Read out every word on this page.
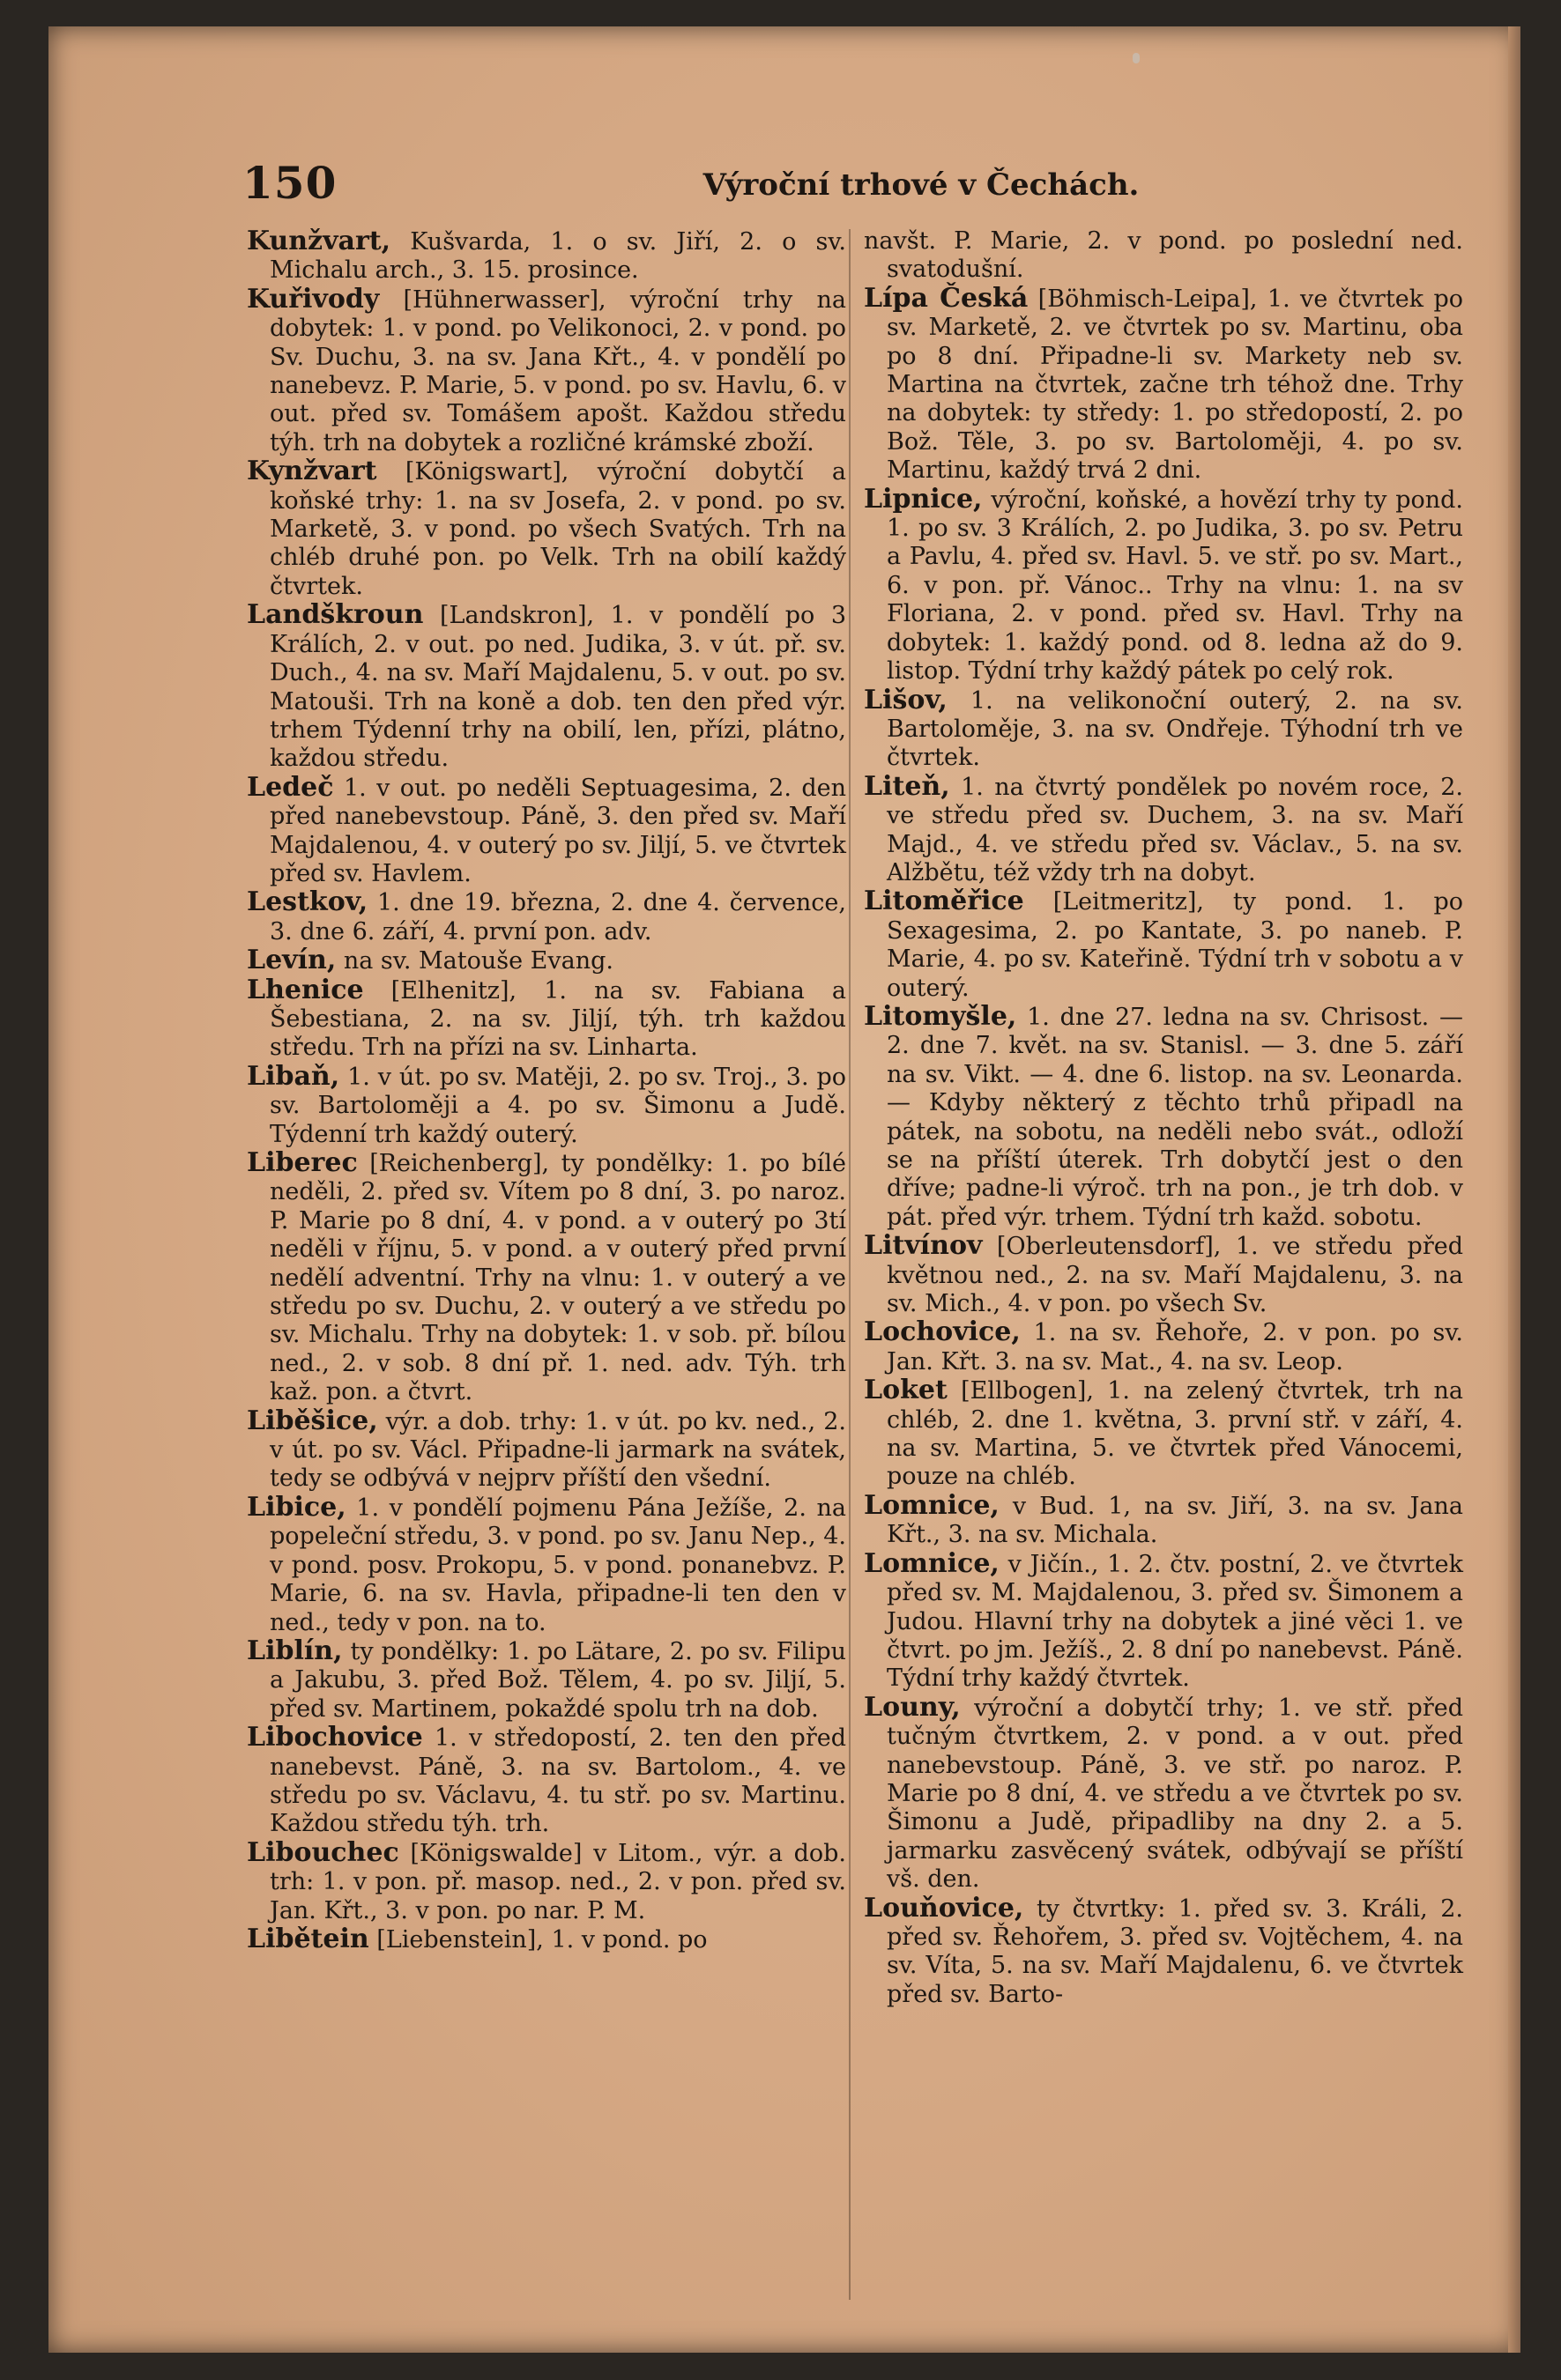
150	Výroční trhové v Čechách.
Kunžvart, Kušvarda, 1. o sv. Jiří, 2. o sv. Michalu arch., 3. 15. prosince.
Kuřivody [Hühnerwasser], výroční trhy na dobytek: 1. v pond. po Velikonoci, 2. v pond. po Sv. Duchu, 3. na sv. Jana Křt., 4. v pondělí po nanebevz. P. Marie, 5. v pond. po sv. Havlu, 6. v out. před sv. Tomášem apošt. Každou středu týh. trh na dobytek a rozličné krámské zboží.
Kynžvart [Königswart], výroční dobytčí a koňské trhy: 1. na sv Josefa, 2. v pond. po sv. Marketě, 3. v pond. po všech Svatých. Trh na chléb druhé pon. po Velk. Trh na obilí každý čtvrtek.
Landškroun [Landskron], 1. v pondělí po 3 Králích, 2. v out. po ned. Judika, 3. v út. př. sv. Duch., 4. na sv. Maří Majdalenu, 5. v out. po sv. Matouši. Trh na koně a dob. ten den před výr. trhem Týdenní trhy na obilí, len, přízi, plátno, každou středu.
Ledeč 1. v out. po neděli Septuagesima, 2. den před nanebevstoup. Páně, 3. den před sv. Maří Majdalenou, 4. v outerý po sv. Jiljí, 5. ve čtvrtek před sv. Havlem.
Lestkov, 1. dne 19. března, 2. dne 4. července, 3. dne 6. září, 4. první pon. adv.
Levín, na sv. Matouše Evang.
Lhenice [Elhenitz], 1. na sv. Fabiana a Šebestiana, 2. na sv. Jiljí, týh. trh každou středu. Trh na přízi na sv. Linharta.
Libaň, 1. v út. po sv. Matěji, 2. po sv. Troj., 3. po sv. Bartoloměji a 4. po sv. Šimonu a Judě. Týdenní trh každý outerý.
Liberec [Reichenberg], ty pondělky: 1. po bílé neděli, 2. před sv. Vítem po 8 dní, 3. po naroz. P. Marie po 8 dní, 4. v pond. a v outerý po 3tí neděli v říjnu, 5. v pond. a v outerý před první nedělí adventní. Trhy na vlnu: 1. v outerý a ve středu po sv. Duchu, 2. v outerý a ve středu po sv. Michalu. Trhy na dobytek: 1. v sob. př. bílou ned., 2. v sob. 8 dní př. 1. ned. adv. Týh. trh kaž. pon. a čtvrt.
Liběšice, výr. a dob. trhy: 1. v út. po kv. ned., 2. v út. po sv. Václ. Připadne-li jarmark na svátek, tedy se odbývá v nejprv příští den všední.
Libice, 1. v pondělí pojmenu Pána Ježíše, 2. na popeleční středu, 3. v pond. po sv. Janu Nep., 4. v pond. posv. Prokopu, 5. v pond. ponanebvz. P. Marie, 6. na sv. Havla, připadne-li ten den v ned., tedy v pon. na to.
Liblín, ty pondělky: 1. po Lätare, 2. po sv. Filipu a Jakubu, 3. před Bož. Tělem, 4. po sv. Jiljí, 5. před sv. Martinem, pokaždé spolu trh na dob.
Libochovice 1. v středopostí, 2. ten den před nanebevst. Páně, 3. na sv. Bartolom., 4. ve středu po sv. Václavu, 4. tu stř. po sv. Martinu. Každou středu týh. trh.
Libouchec [Königswalde] v Litom., výr. a dob. trh: 1. v pon. př. masop. ned., 2. v pon. před sv. Jan. Křt., 3. v pon. po nar. P. M.
Libětein [Liebenstein], 1. v pond. po
navšt. P. Marie, 2. v pond. po poslední ned. svatodušní.
Lípa Česká [Böhmisch-Leipa], 1. ve čtvrtek po sv. Marketě, 2. ve čtvrtek po sv. Martinu, oba po 8 dní. Připadne-li sv. Markety neb sv. Martina na čtvrtek, začne trh téhož dne. Trhy na dobytek: ty středy: 1. po středopostí, 2. po Bož. Těle, 3. po sv. Bartoloměji, 4. po sv. Martinu, každý trvá 2 dni.
Lipnice, výroční, koňské, a hovězí trhy ty pond. 1. po sv. 3 Králích, 2. po Judika, 3. po sv. Petru a Pavlu, 4. před sv. Havl. 5. ve stř. po sv. Mart., 6. v pon. př. Vánoc.. Trhy na vlnu: 1. na sv Floriana, 2. v pond. před sv. Havl. Trhy na dobytek: 1. každý pond. od 8. ledna až do 9. listop. Týdní trhy každý pátek po celý rok.
Lišov, 1. na velikonoční outerý, 2. na sv. Bartoloměje, 3. na sv. Ondřeje. Týhodní trh ve čtvrtek.
Liteň, 1. na čtvrtý pondělek po novém roce, 2. ve středu před sv. Duchem, 3. na sv. Maří Majd., 4. ve středu před sv. Václav., 5. na sv. Alžbětu, též vždy trh na dobyt.
Litoměřice [Leitmeritz], ty pond. 1. po Sexagesima, 2. po Kantate, 3. po naneb. P. Marie, 4. po sv. Kateřině. Týdní trh v sobotu a v outerý.
Litomyšle, 1. dne 27. ledna na sv. Chrisost. — 2. dne 7. květ. na sv. Stanisl. — 3. dne 5. září na sv. Vikt. — 4. dne 6. listop. na sv. Leonarda. — Kdyby některý z těchto trhů připadl na pátek, na sobotu, na neděli nebo svát., odloží se na příští úterek. Trh dobytčí jest o den dříve; padne-li výroč. trh na pon., je trh dob. v pát. před výr. trhem. Týdní trh každ. sobotu.
Litvínov [Oberleutensdorf], 1. ve středu před květnou ned., 2. na sv. Maří Majdalenu, 3. na sv. Mich., 4. v pon. po všech Sv.
Lochovice, 1. na sv. Řehoře, 2. v pon. po sv. Jan. Křt. 3. na sv. Mat., 4. na sv. Leop.
Loket [Ellbogen], 1. na zelený čtvrtek, trh na chléb, 2. dne 1. května, 3. první stř. v září, 4. na sv. Martina, 5. ve čtvrtek před Vánocemi, pouze na chléb.
Lomnice, v Bud. 1, na sv. Jiří, 3. na sv. Jana Křt., 3. na sv. Michala.
Lomnice, v Jičín., 1. 2. čtv. postní, 2. ve čtvrtek před sv. M. Majdalenou, 3. před sv. Šimonem a Judou. Hlavní trhy na dobytek a jiné věci 1. ve čtvrt. po jm. Ježíš., 2. 8 dní po nanebevst. Páně. Týdní trhy každý čtvrtek.
Louny, výroční a dobytčí trhy; 1. ve stř. před tučným čtvrtkem, 2. v pond. a v out. před nanebevstoup. Páně, 3. ve stř. po naroz. P. Marie po 8 dní, 4. ve středu a ve čtvrtek po sv. Šimonu a Judě, připadliby na dny 2. a 5. jarmarku zasvěcený svátek, odbývají se příští vš. den.
Louňovice, ty čtvrtky: 1. před sv. 3. Králi, 2. před sv. Řehořem, 3. před sv. Vojtěchem, 4. na sv. Víta, 5. na sv. Maří Majdalenu, 6. ve čtvrtek před sv. Barto-
